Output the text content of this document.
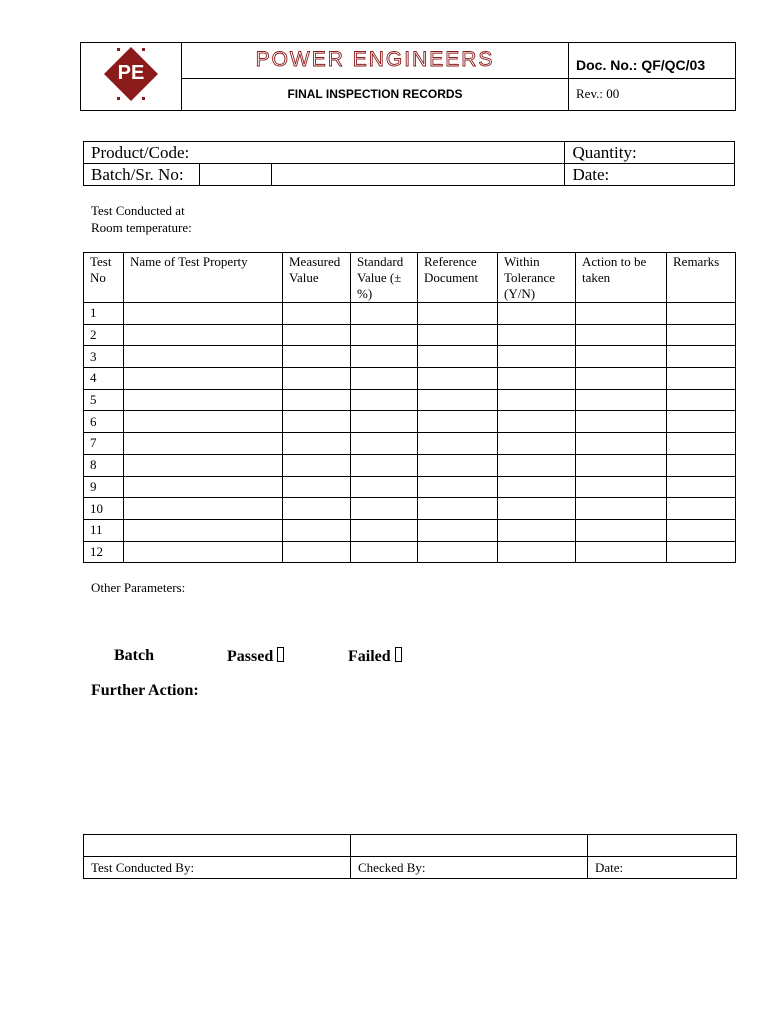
PE	POWER ENGINEERS	Doc. No.: QF/QC/03
	FINAL INSPECTION RECORDS	Rev.: 00
Product/Code:			Quantity:
Batch/Sr. No:			Date:
Test Conducted at
Room temperature:
Test No	Name of Test Property	Measured Value	Standard Value (± %)	Reference Document	Within Tolerance (Y/N)	Action to be taken	Remarks
1							
2							
3							
4							
5							
6							
7							
8							
9							
10							
11							
12							
Other Parameters:
Batch	Passed	Failed
Further Action:

Test Conducted By:	Checked By:	Date:
